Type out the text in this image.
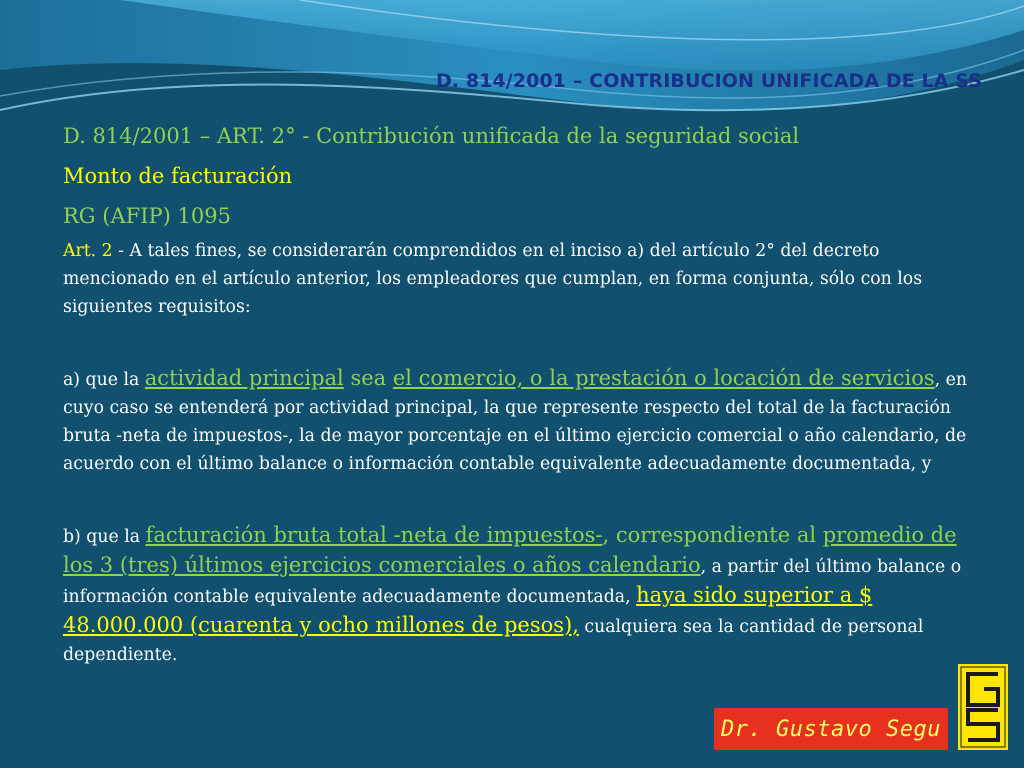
D. 814/2001 – CONTRIBUCION UNIFICADA DE LA SS
D. 814/2001 – ART. 2° - Contribución unificada de la seguridad social
Monto de facturación
RG (AFIP) 1095

Art. 2 - A tales fines, se considerarán comprendidos en el inciso a) del artículo 2° del decreto mencionado en el artículo anterior, los empleadores que cumplan, en forma conjunta, sólo con los siguientes requisitos:

a) que la actividad principal sea el comercio, o la prestación o locación de servicios, en cuyo caso se entenderá por actividad principal, la que represente respecto del total de la facturación bruta -neta de impuestos-, la de mayor porcentaje en el último ejercicio comercial o año calendario, de acuerdo con el último balance o información contable equivalente adecuadamente documentada, y

b) que la facturación bruta total -neta de impuestos-, correspondiente al promedio de los 3 (tres) últimos ejercicios comerciales o años calendario, a partir del último balance o información contable equivalente adecuadamente documentada, haya sido superior a $ 48.000.000 (cuarenta y ocho millones de pesos), cualquiera sea la cantidad de personal dependiente.

Dr. Gustavo Segu
